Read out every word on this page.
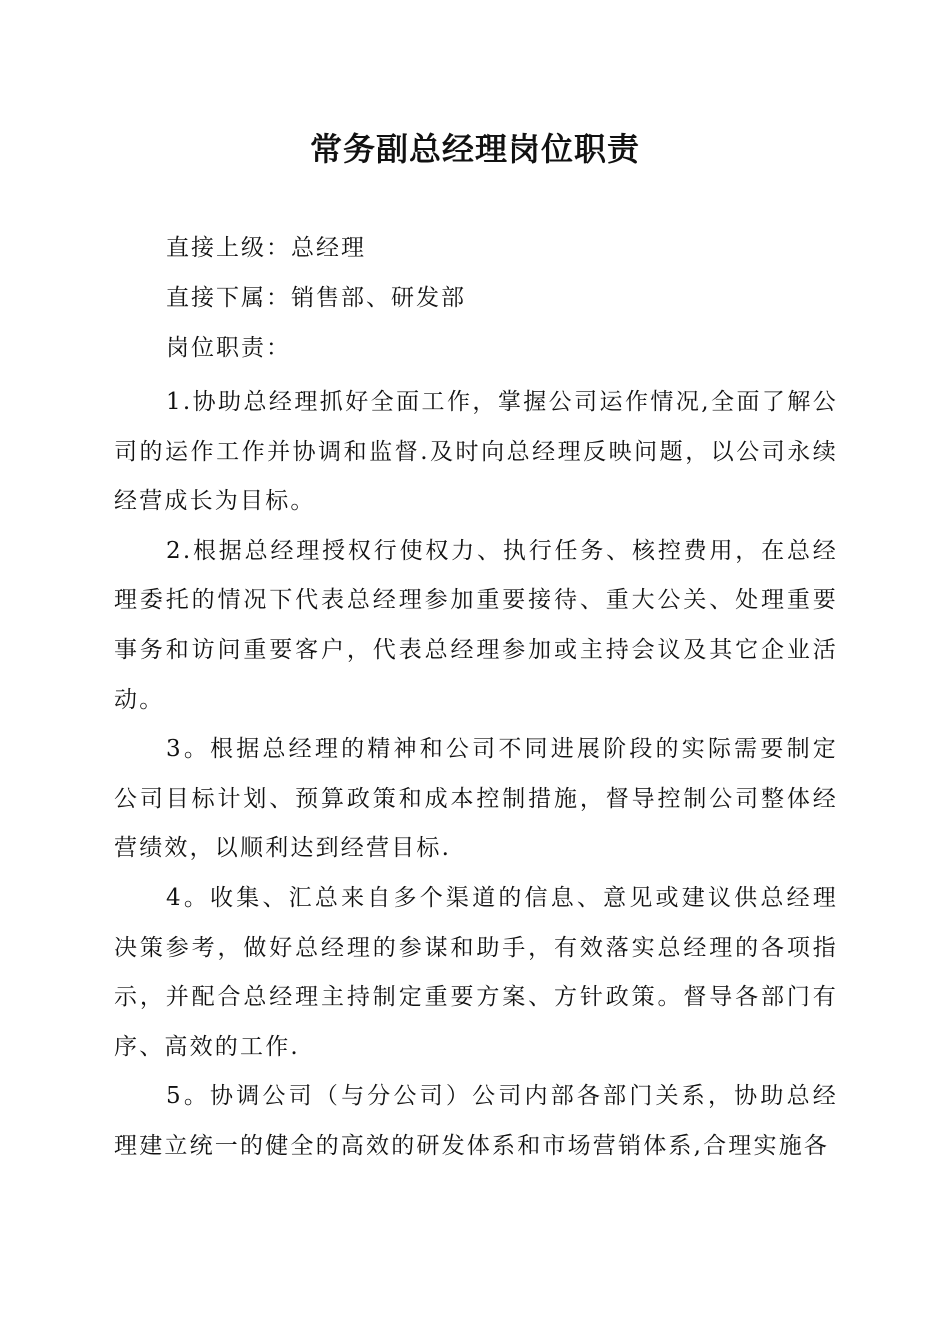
常务副总经理岗位职责
直接上级：总经理
直接下属：销售部、研发部
岗位职责：

1.协助总经理抓好全面工作，掌握公司运作情况,全面了解公司的运作工作并协调和监督.及时向总经理反映问题，以公司永续经营成长为目标。

2.根据总经理授权行使权力、执行任务、核控费用，在总经理委托的情况下代表总经理参加重要接待、重大公关、处理重要事务和访问重要客户，代表总经理参加或主持会议及其它企业活动。

3。根据总经理的精神和公司不同进展阶段的实际需要制定公司目标计划、预算政策和成本控制措施，督导控制公司整体经营绩效，以顺利达到经营目标.

4。收集、汇总来自多个渠道的信息、意见或建议供总经理决策参考，做好总经理的参谋和助手，有效落实总经理的各项指示，并配合总经理主持制定重要方案、方针政策。督导各部门有序、高效的工作.

5。协调公司（与分公司）公司内部各部门关系，协助总经理建立统一的健全的高效的研发体系和市场营销体系,合理实施各
